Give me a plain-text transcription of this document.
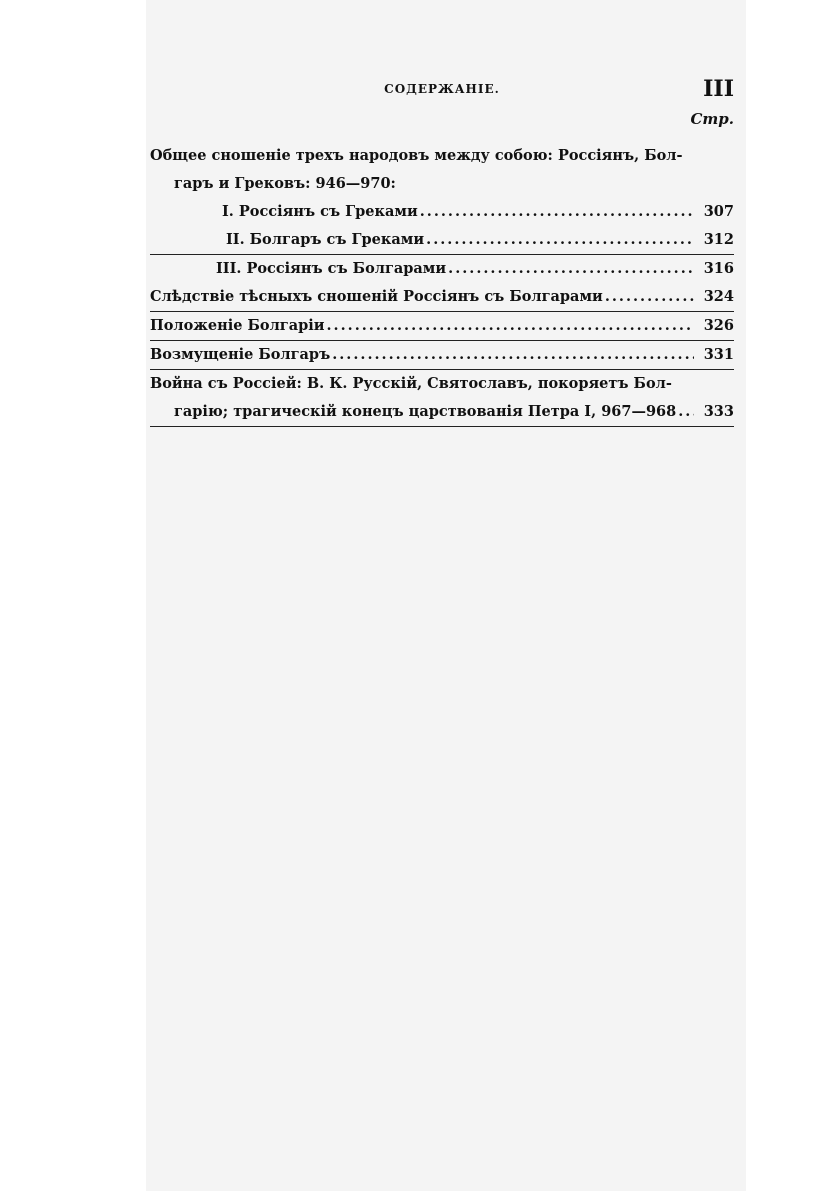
СОДЕРЖАНIЕ.	III
Стр.
Общее сношенiе трехъ народовъ между собою: Россiянъ, Бол-
гаръ и Грековъ: 946—970:
I. Россiянъ съ Греками .....	307
II. Болгаръ съ Греками .....	312
III. Россiянъ съ Болгарами .....	316
Слѣдствiе тѣсныхъ сношенiй Россiянъ съ Болгарами .....	324
Положенiе Болгарiи .....	326
Возмущенiе Болгаръ .....	331
Война съ Россiей: В. К. Русскiй, Святославъ, покоряетъ Бол-
гарiю; трагическiй конецъ царствованiя Петра I, 967—968 .....	333
